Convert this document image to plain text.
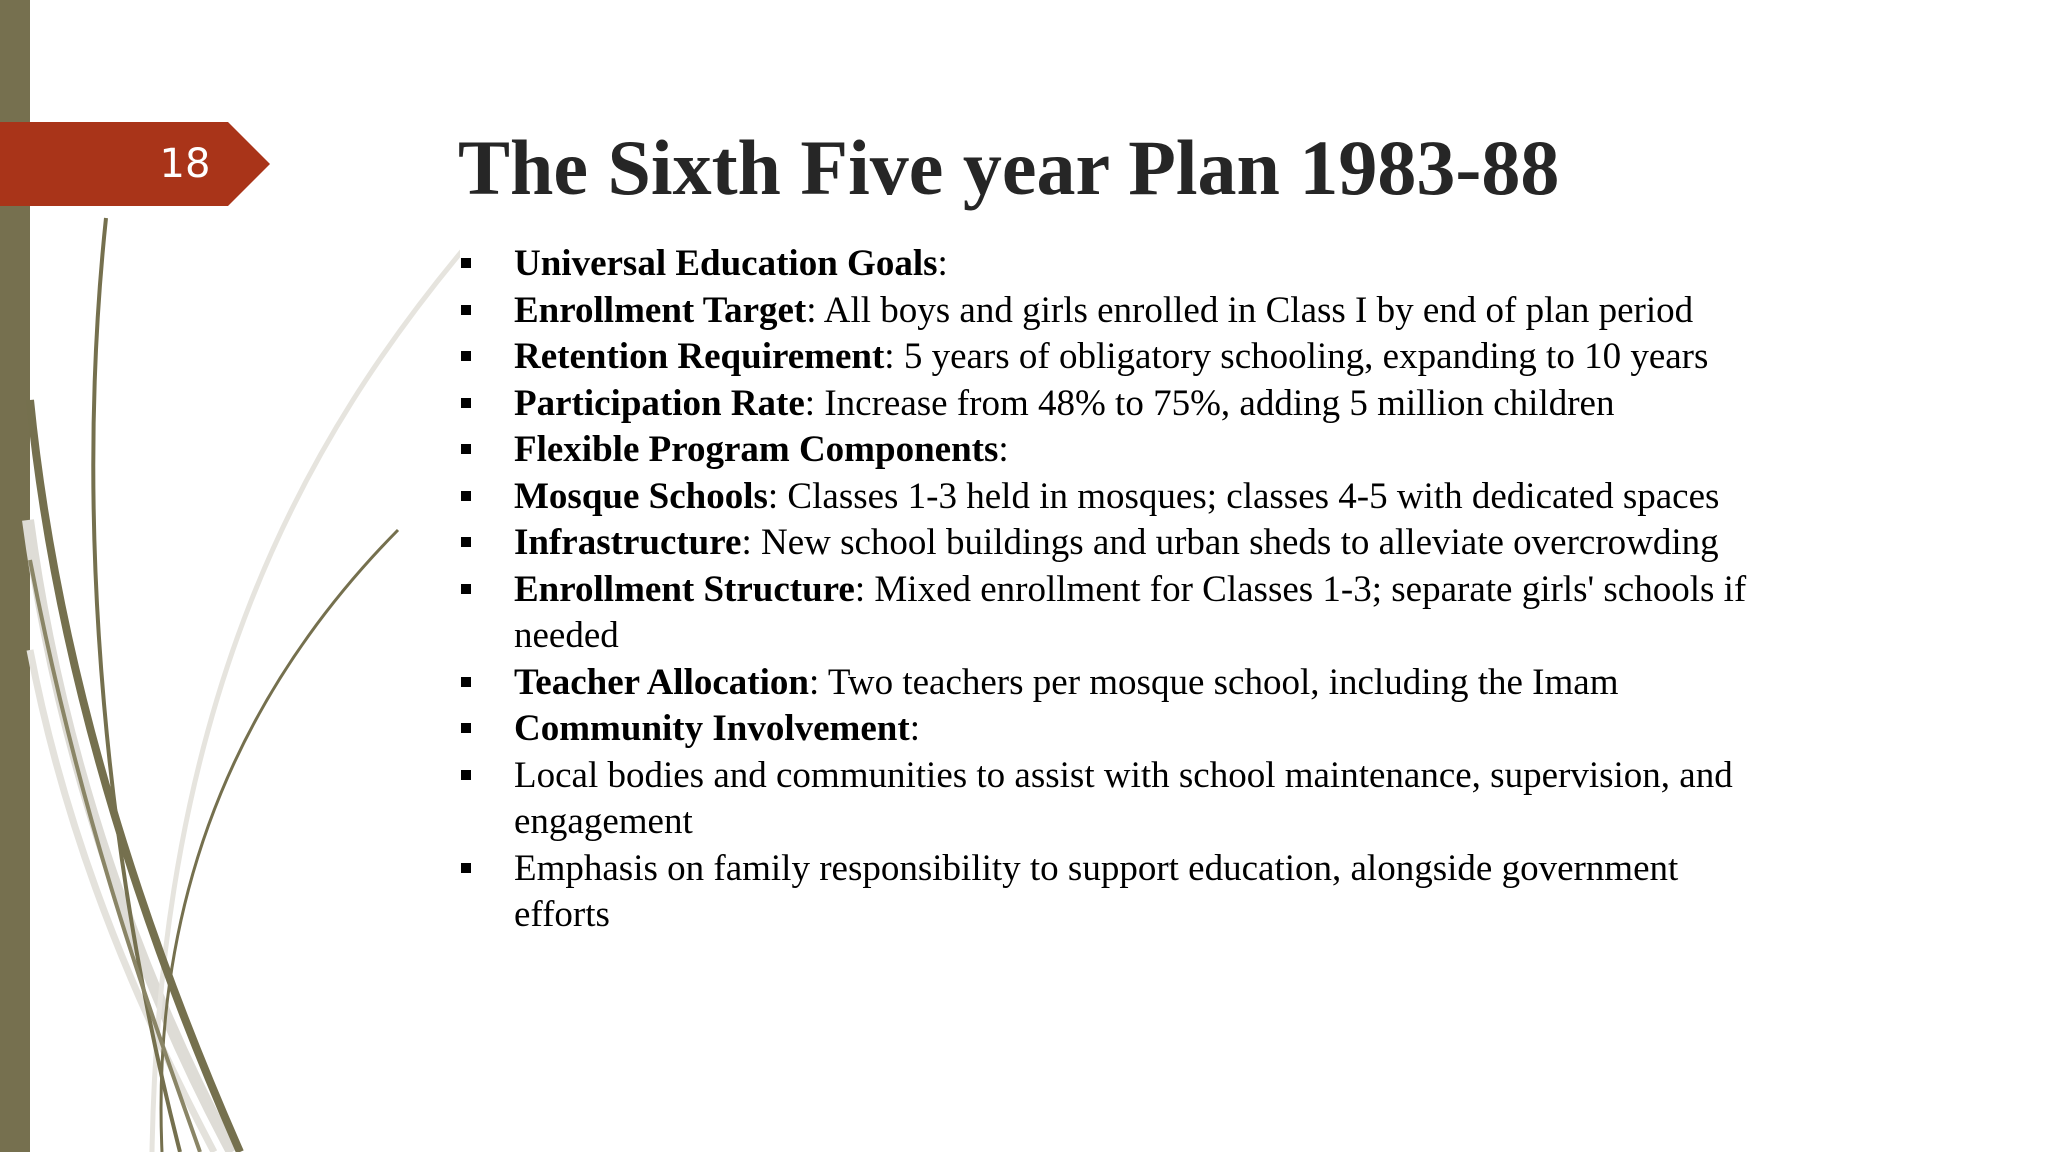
18	The Sixth Five year Plan 1983-88
Universal Education Goals:
Enrollment Target: All boys and girls enrolled in Class I by end of plan period
Retention Requirement: 5 years of obligatory schooling, expanding to 10 years
Participation Rate: Increase from 48% to 75%, adding 5 million children
Flexible Program Components:
Mosque Schools: Classes 1-3 held in mosques; classes 4-5 with dedicated spaces
Infrastructure: New school buildings and urban sheds to alleviate overcrowding
Enrollment Structure: Mixed enrollment for Classes 1-3; separate girls' schools if needed
Teacher Allocation: Two teachers per mosque school, including the Imam
Community Involvement:
Local bodies and communities to assist with school maintenance, supervision, and engagement
Emphasis on family responsibility to support education, alongside government efforts
